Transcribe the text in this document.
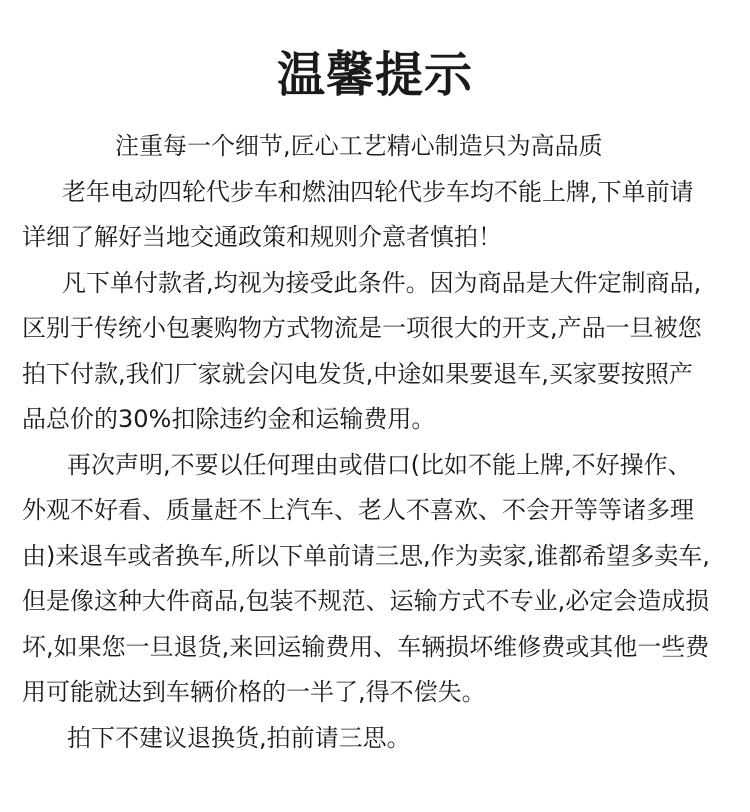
温馨提示

注重每一个细节,匠心工艺精心制造只为高品质

老年电动四轮代步车和燃油四轮代步车均不能上牌,下单前请

详细了解好当地交通政策和规则介意者慎拍！

凡下单付款者,均视为接受此条件。因为商品是大件定制商品,

区别于传统小包裹购物方式物流是一项很大的开支,产品一旦被您

拍下付款,我们厂家就会闪电发货,中途如果要退车,买家要按照产

品总价的30%扣除违约金和运输费用。

再次声明,不要以任何理由或借口(比如不能上牌,不好操作、

外观不好看、质量赶不上汽车、老人不喜欢、不会开等等诸多理

由)来退车或者换车,所以下单前请三思,作为卖家,谁都希望多卖车,

但是像这种大件商品,包装不规范、运输方式不专业,必定会造成损

坏,如果您一旦退货,来回运输费用、车辆损坏维修费或其他一些费

用可能就达到车辆价格的一半了,得不偿失。

拍下不建议退换货,拍前请三思。
